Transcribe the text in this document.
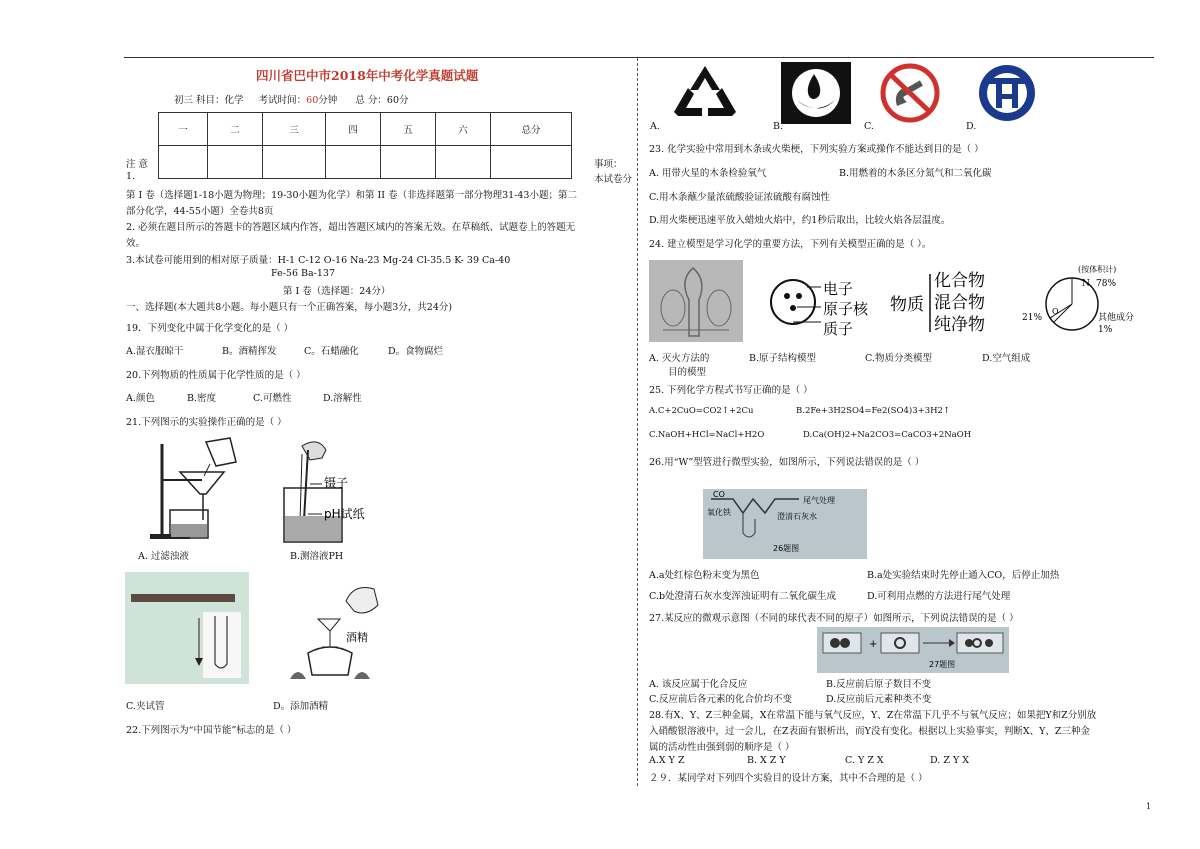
四川省巴中市2018年中考化学真题试题
初三 科目：化学 考试时间：60分钟 总 分：60分
一	二	三	四	五	六	总分

注 意	事项：
1.	本试卷分
第 I 卷（选择题1-18小题为物理；19-30小题为化学）和第 II 卷（非选择题第一部分物理31-43小题；第二
部分化学，44-55小题）全卷共8页
2. 必须在题目所示的答题卡的答题区域内作答，超出答题区域内的答案无效。在草稿纸、试题卷上的答题无
效。
3.本试卷可能用到的相对原子质量：H-1 C-12 O-16 Na-23 Mg-24 Cl-35.5 K- 39 Ca-40
Fe-56 Ba-137
第 I 卷（选择题：24分）
一、选择题(本大题共8小题。每小题只有一个正确答案，每小题3分，共24分)
19．下列变化中属于化学变化的是（ ）
A.湿衣服晾干	B。酒精挥发	C。石蜡融化	D。食物腐烂
20.下列物质的性质属于化学性质的是（ ）
A.颜色	B.密度	C.可燃性	D.溶解性
21.下列图示的实验操作正确的是（ ）
A. 过滤浊液
镊子
pH试纸
B.测溶液PH
C.夹试管
酒精
D。添加酒精
22.下列图示为“中国节能”标志的是（ ）
A.	B.	C.	D.
23. 化学实验中常用到木条或火柴梗，下列实验方案或操作不能达到目的是（ ）
A. 用带火星的木条检验氧气	B.用燃着的木条区分氮气和二氧化碳
C.用木条蘸少量浓硫酸验证浓硫酸有腐蚀性
D.用火柴梗迅速平放入蜡烛火焰中，约1秒后取出，比较火焰各层温度。
24. 建立模型是学习化学的重要方法，下列有关模型正确的是（ ）。
电子
原子核
质子
物质
化合物
混合物
纯净物
(按体积计)
N 78%
21%
O
其他成分
1%
A. 灭火方法的
目的模型
B.原子结构模型	C.物质分类模型	D.空气组成
25. 下列化学方程式书写正确的是（ ）
A.C+2CuO=CO2↑+2Cu	B.2Fe+3H2SO4=Fe2(SO4)3+3H2↑
C.NaOH+HCl=NaCl+H2O	D.Ca(OH)2+Na2CO3=CaCO3+2NaOH
26.用“W”型管进行微型实验，如图所示，下列说法错误的是（ ）
CO
尾气处理
氧化铁	澄清石灰水
26题图
A.a处红棕色粉末变为黑色	B.a处实验结束时先停止通入CO，后停止加热
C.b处澄清石灰水变浑浊证明有二氧化碳生成	D.可利用点燃的方法进行尾气处理
27.某反应的微观示意图（不同的球代表不同的原子）如图所示，下列说法错误的是（ ）
+
27题图
A. 该反应属于化合反应	B.反应前后原子数目不变
C.反应前后各元素的化合价均不变	D.反应前后元素种类不变
28.有X、Y、Z三种金属，X在常温下能与氧气反应，Y、Z在常温下几乎不与氧气反应；如果把Y和Z分别放
入硝酸银溶液中，过一会儿，在Z表面有银析出，而Y没有变化。根据以上实验事实，判断X、Y、Z三种金
属的活动性由强到弱的顺序是（ ）
A.X Y Z	B. X Z Y	C. Y Z X	D. Z Y X
２９．某同学对下列四个实验目的设计方案，其中不合理的是（ ）
1
